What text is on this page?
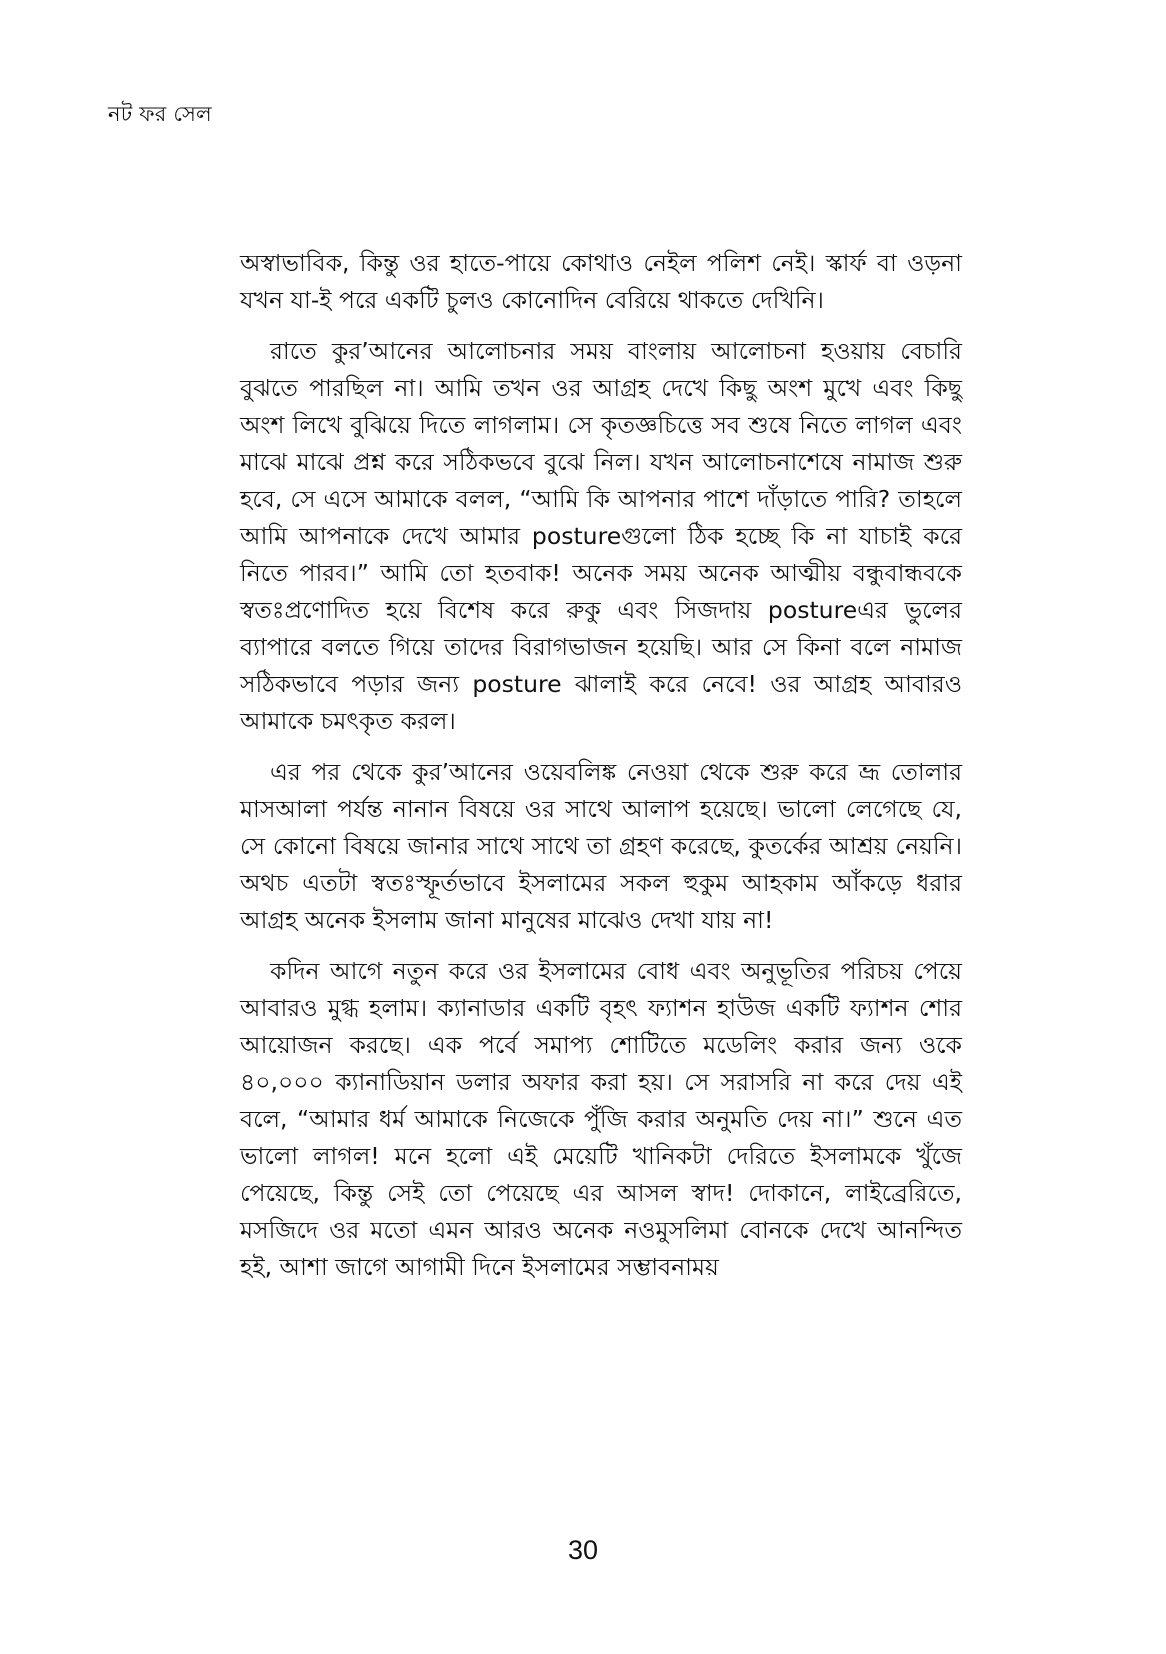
নট ফর সেল

অস্বাভাবিক, কিন্তু ওর হাতে-পায়ে কোথাও নেইল পলিশ নেই। স্কার্ফ বা ওড়না যখন যা-ই পরে একটি চুলও কোনোদিন বেরিয়ে থাকতে দেখিনি।

রাতে কুর’আনের আলোচনার সময় বাংলায় আলোচনা হওয়ায় বেচারি বুঝতে পারছিল না। আমি তখন ওর আগ্রহ দেখে কিছু অংশ মুখে এবং কিছু অংশ লিখে বুঝিয়ে দিতে লাগলাম। সে কৃতজ্ঞচিত্তে সব শুষে নিতে লাগল এবং মাঝে মাঝে প্রশ্ন করে সঠিকভবে বুঝে নিল। যখন আলোচনাশেষে নামাজ শুরু হবে, সে এসে আমাকে বলল, “আমি কি আপনার পাশে দাঁড়াতে পারি? তাহলে আমি আপনাকে দেখে আমার postureগুলো ঠিক হচ্ছে কি না যাচাই করে নিতে পারব।” আমি তো হতবাক! অনেক সময় অনেক আত্মীয় বন্ধুবান্ধবকে স্বতঃপ্রণোদিত হয়ে বিশেষ করে রুকু এবং সিজদায় postureএর ভুলের ব্যাপারে বলতে গিয়ে তাদের বিরাগভাজন হয়েছি। আর সে কিনা বলে নামাজ সঠিকভাবে পড়ার জন্য posture ঝালাই করে নেবে! ওর আগ্রহ আবারও আমাকে চমৎকৃত করল।

এর পর থেকে কুর’আনের ওয়েবলিঙ্ক নেওয়া থেকে শুরু করে ভ্রূ তোলার মাসআলা পর্যন্ত নানান বিষয়ে ওর সাথে আলাপ হয়েছে। ভালো লেগেছে যে, সে কোনো বিষয়ে জানার সাথে সাথে তা গ্রহণ করেছে, কুতর্কের আশ্রয় নেয়নি। অথচ এতটা স্বতঃস্ফূর্তভাবে ইসলামের সকল হুকুম আহকাম আঁকড়ে ধরার আগ্রহ অনেক ইসলাম জানা মানুষের মাঝেও দেখা যায় না!

কদিন আগে নতুন করে ওর ইসলামের বোধ এবং অনুভূতির পরিচয় পেয়ে আবারও মুগ্ধ হলাম। ক্যানাডার একটি বৃহৎ ফ্যাশন হাউজ একটি ফ্যাশন শোর আয়োজন করছে। এক পর্বে সমাপ্য শোটিতে মডেলিং করার জন্য ওকে ৪০,০০০ ক্যানাডিয়ান ডলার অফার করা হয়। সে সরাসরি না করে দেয় এই বলে, “আমার ধর্ম আমাকে নিজেকে পুঁজি করার অনুমতি দেয় না।” শুনে এত ভালো লাগল! মনে হলো এই মেয়েটি খানিকটা দেরিতে ইসলামকে খুঁজে পেয়েছে, কিন্তু সেই তো পেয়েছে এর আসল স্বাদ! দোকানে, লাইব্রেরিতে, মসজিদে ওর মতো এমন আরও অনেক নওমুসলিমা বোনকে দেখে আনন্দিত হই, আশা জাগে আগামী দিনে ইসলামের সম্ভাবনাময়

30
